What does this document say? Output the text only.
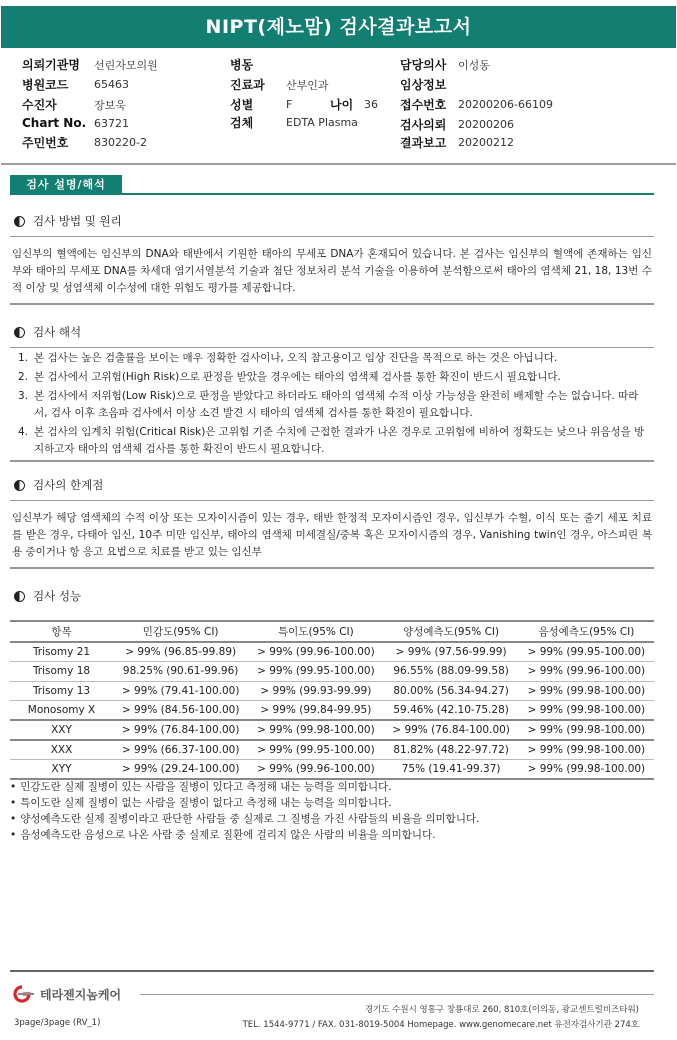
NIPT(제노맘) 검사결과보고서
의뢰기관명	선린자모의원
병원코드	65463
수진자	장보욱
Chart No. 63721
주민번호	830220-2
병동
진료과	산부인과
성별	F	나이 36
검체	EDTA Plasma
담당의사	이성동
임상정보
접수번호	20200206-66109
검사의뢰	20200206
결과보고	20200212
검사 설명/해석
검사 방법 및 원리
임신부의 혈액에는 임신부의 DNA와 태반에서 기원한 태아의 무세포 DNA가 혼재되어 있습니다. 본 검사는 임신부의 혈액에 존재하는 임신부와 태아의 무세포 DNA를 차세대 염기서열분석 기술과 첨단 정보처리 분석 기술을 이용하여 분석함으로써 태아의 염색체 21, 18, 13번 수적 이상 및 성염색체 이수성에 대한 위험도 평가를 제공합니다.
검사 해석
1. 본 검사는 높은 검출률을 보이는 매우 정확한 검사이나, 오직 참고용이고 임상 진단을 목적으로 하는 것은 아닙니다.
2. 본 검사에서 고위험(High Risk)으로 판정을 받았을 경우에는 태아의 염색체 검사를 통한 확진이 반드시 필요합니다.
3. 본 검사에서 저위험(Low Risk)으로 판정을 받았다고 하더라도 태아의 염색체 수적 이상 가능성을 완전히 배제할 수는 없습니다. 따라서, 검사 이후 초음파 검사에서 이상 소견 발견 시 태아의 염색체 검사를 통한 확진이 필요합니다.
4. 본 검사의 임계치 위험(Critical Risk)은 고위험 기준 수치에 근접한 결과가 나온 경우로 고위험에 비하여 정확도는 낮으나 위음성을 방지하고자 태아의 염색체 검사를 통한 확진이 반드시 필요합니다.
검사의 한계점
임신부가 해당 염색체의 수적 이상 또는 모자이시즘이 있는 경우, 태반 한정적 모자이시즘인 경우, 임신부가 수혈, 이식 또는 줄기 세포 치료를 받은 경우, 다태아 임신, 10주 미만 임신부, 태아의 염색체 미세결실/중복 혹은 모자이시즘의 경우, Vanishing twin인 경우, 아스피린 복용 중이거나 항 응고 요법으로 치료를 받고 있는 임신부
검사 성능
항목	민감도(95% CI)	특이도(95% CI)	양성예측도(95% CI)	음성예측도(95% CI)
Trisomy 21	> 99% (96.85-99.89)	> 99% (99.96-100.00)	> 99% (97.56-99.99)	> 99% (99.95-100.00)
Trisomy 18	98.25% (90.61-99.96)	> 99% (99.95-100.00)	96.55% (88.09-99.58)	> 99% (99.96-100.00)
Trisomy 13	> 99% (79.41-100.00)	> 99% (99.93-99.99)	80.00% (56.34-94.27)	> 99% (99.98-100.00)
Monosomy X	> 99% (84.56-100.00)	> 99% (99.84-99.95)	59.46% (42.10-75.28)	> 99% (99.98-100.00)
XXY	> 99% (76.84-100.00)	> 99% (99.98-100.00)	> 99% (76.84-100.00)	> 99% (99.98-100.00)
XXX	> 99% (66.37-100.00)	> 99% (99.95-100.00)	81.82% (48.22-97.72)	> 99% (99.98-100.00)
XYY	> 99% (29.24-100.00)	> 99% (99.96-100.00)	75% (19.41-99.37)	> 99% (99.98-100.00)
• 민감도란 실제 질병이 있는 사람을 질병이 있다고 측정해 내는 능력을 의미합니다.
• 특이도란 실제 질병이 없는 사람을 질병이 없다고 측정해 내는 능력을 의미합니다.
• 양성예측도란 실제 질병이라고 판단한 사람들 중 실제로 그 질병을 가진 사람들의 비율을 의미합니다.
• 음성예측도란 음성으로 나온 사람 중 실제로 질환에 걸리지 않은 사람의 비율을 의미합니다.
테라젠지놈케어
경기도 수원시 영통구 창룡대로 260, 810호(이의동, 광교센트럴비즈타워)
TEL. 1544-9771 / FAX. 031-8019-5004 Homepage. www.genomecare.net 유전자검사기관 274호
3page/3page (RV_1)
